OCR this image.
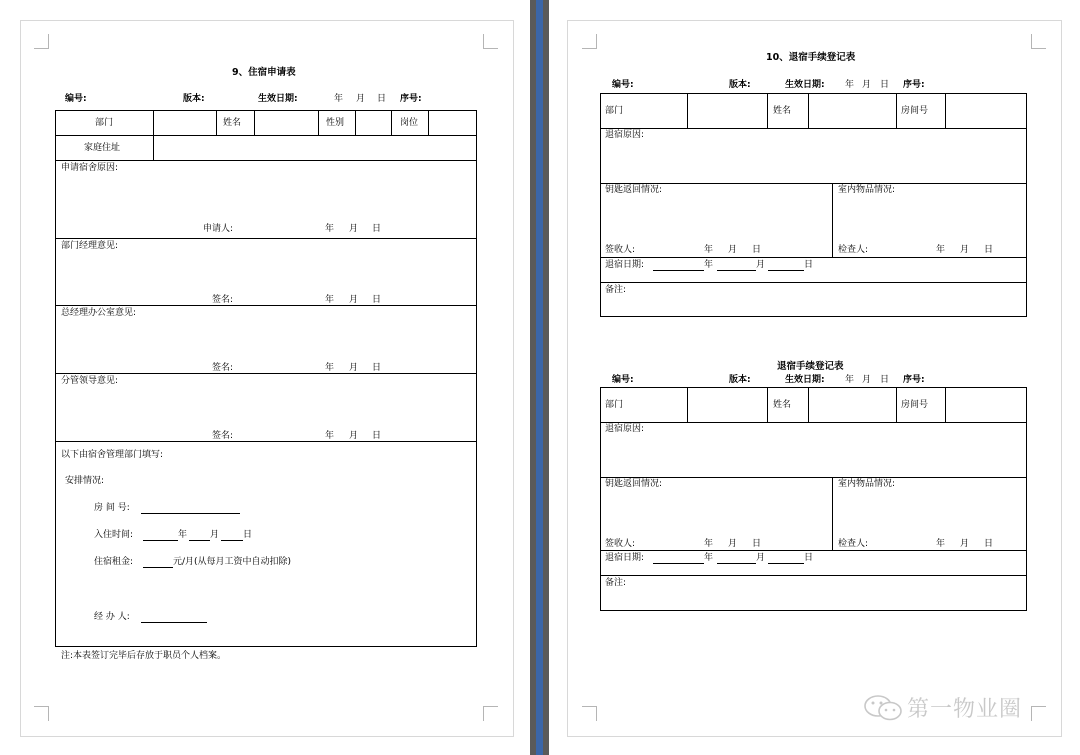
9、住宿申请表
编号:	版本:	生效日期:	年 月 日 序号:
部门	姓名	性别	岗位
家庭住址
申请宿舍原因:
申请人:	年 月 日
部门经理意见:
签名:	年 月 日
总经理办公室意见:
签名:	年 月 日
分管领导意见:
签名:	年 月 日
以下由宿舍管理部门填写:
安排情况:
房 间 号:
入住时间:	年	月	日
住宿租金:	元/月(从每月工资中自动扣除)
经 办 人:
注:本表签订完毕后存放于职员个人档案。
10、退宿手续登记表
编号:	版本:	生效日期: 年 月 日 序号:
部门	姓名	房间号
退宿原因:
钥匙返回情况:	室内物品情况:
签收人:	年 月 日	检查人:	年 月 日
退宿日期:	年	月	日
备注:
退宿手续登记表
编号:	版本:	生效日期: 年 月 日 序号:
部门	姓名	房间号
退宿原因:
钥匙返回情况:	室内物品情况:
签收人:	年 月 日	检查人:	年 月 日
退宿日期:	年	月	日
备注:
第一物业圈
